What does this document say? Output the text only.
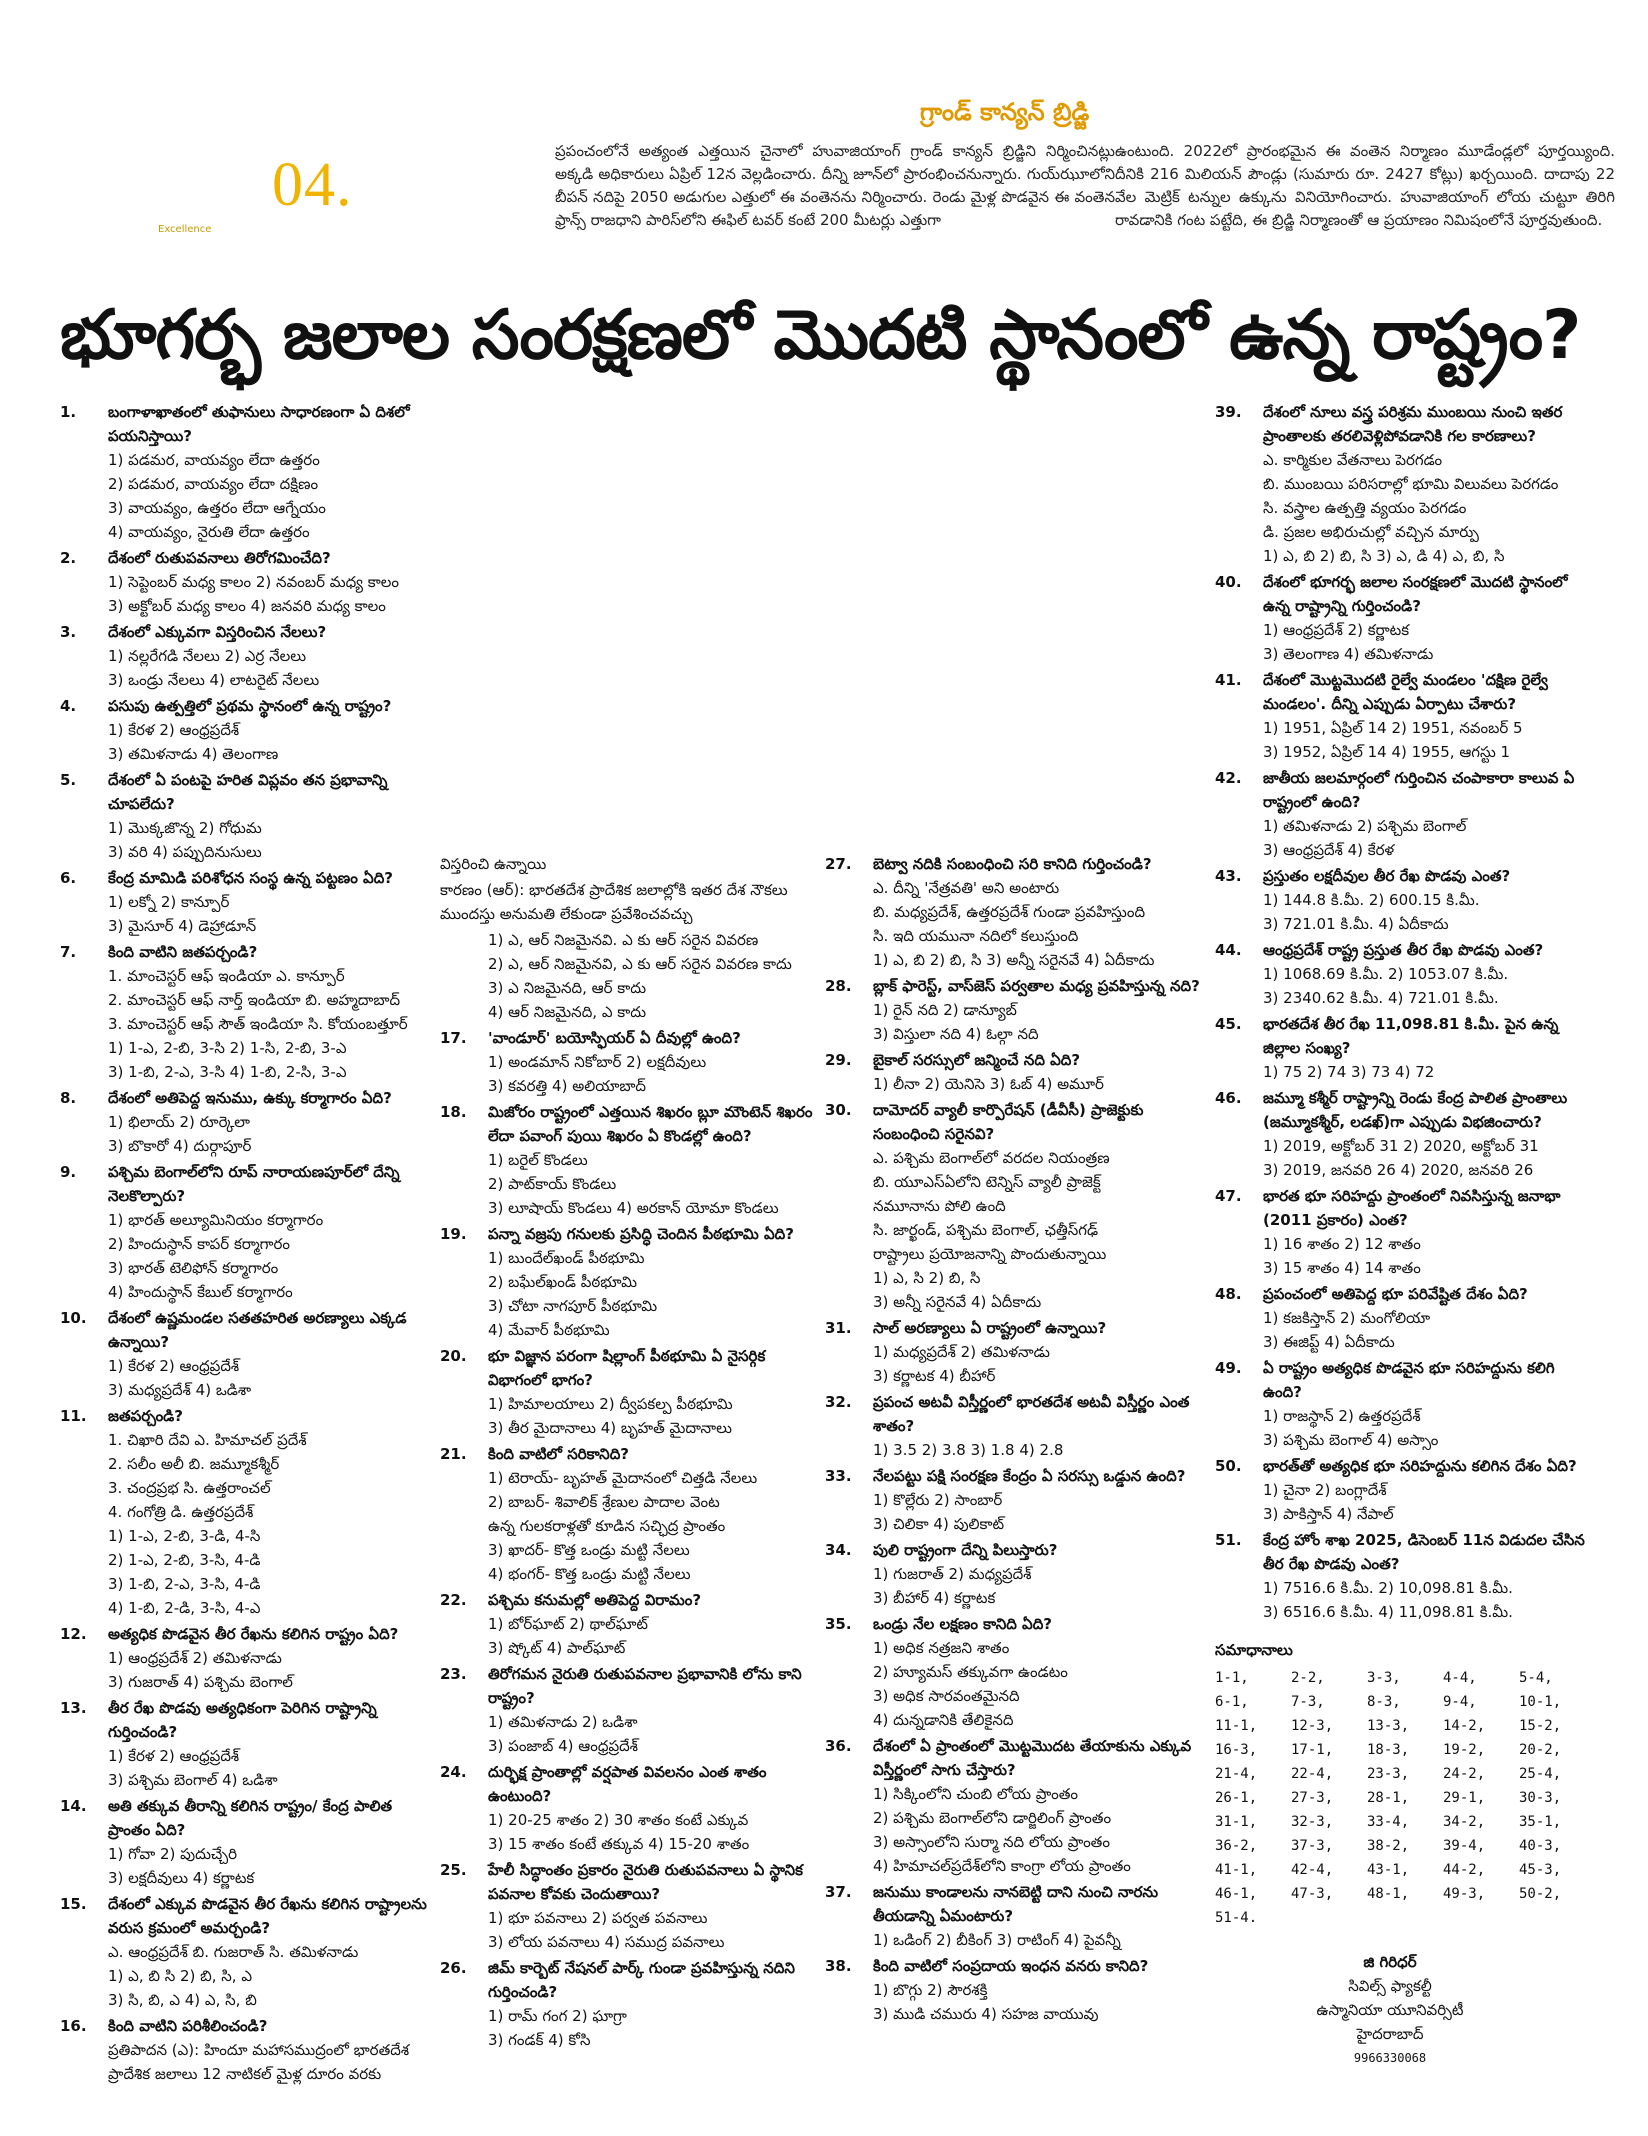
04.
Excellence
గ్రాండ్ కాన్యన్ బ్రిడ్జి
ప్రపంచంలోనే అత్యంత ఎత్తయిన చైనాలో హువాజియాంగ్ గ్రాండ్ కాన్యన్ బ్రిడ్జిని నిర్మించినట్లు అక్కడి అధికారులు ఏప్రిల్ 12న వెల్లడించారు. దీన్ని జూన్‌లో ప్రారంభించనున్నారు. గుయ్‌ఝూలోని బీపన్ నదిపై 2050 అడుగుల ఎత్తులో ఈ వంతెనను నిర్మించారు. రెండు మైళ్ల పొడవైన ఈ వంతెన ఫ్రాన్స్ రాజధాని పారిస్‌లోని ఈఫిల్ టవర్ కంటే 200 మీటర్లు ఎత్తుగా
ఉంటుంది. 2022లో ప్రారంభమైన ఈ వంతెన నిర్మాణం మూడేండ్లలో పూర్తయ్యింది. దీనికి 216 మిలియన్ పౌండ్లు (సుమారు రూ. 2427 కోట్లు) ఖర్చయింది. దాదాపు 22 వేల మెట్రిక్ టన్నుల ఉక్కును వినియోగించారు. హువాజియాంగ్ లోయ చుట్టూ తిరిగి రావడానికి గంట పట్టేది, ఈ బ్రిడ్జి నిర్మాణంతో ఆ ప్రయాణం నిమిషంలోనే పూర్తవుతుంది.
భూగర్భ జలాల సంరక్షణలో మొదటి స్థానంలో ఉన్న రాష్ట్రం?
1.	బంగాళాఖాతంలో తుఫానులు సాధారణంగా ఏ దిశలో పయనిస్తాయి?
1) పడమర, వాయవ్యం లేదా ఉత్తరం
2) పడమర, వాయవ్యం లేదా దక్షిణం
3) వాయవ్యం, ఉత్తరం లేదా ఆగ్నేయం
4) వాయవ్యం, నైరుతి లేదా ఉత్తరం
2.	దేశంలో రుతుపవనాలు తిరోగమించేది?
1) సెప్టెంబర్ మధ్య కాలం 2) నవంబర్ మధ్య కాలం
3) అక్టోబర్ మధ్య కాలం 4) జనవరి మధ్య కాలం
3.	దేశంలో ఎక్కువగా విస్తరించిన నేలలు?
1) నల్లరేగడి నేలలు 2) ఎర్ర నేలలు
3) ఒండ్రు నేలలు 4) లాటరైట్ నేలలు
4.	పసుపు ఉత్పత్తిలో ప్రథమ స్థానంలో ఉన్న రాష్ట్రం?
1) కేరళ 2) ఆంధ్రప్రదేశ్
3) తమిళనాడు 4) తెలంగాణ
5.	దేశంలో ఏ పంటపై హరిత విప్లవం తన ప్రభావాన్ని చూపలేదు?
1) మొక్కజొన్న 2) గోధుమ
3) వరి 4) పప్పుదినుసులు
6.	కేంద్ర మామిడి పరిశోధన సంస్థ ఉన్న పట్టణం ఏది?
1) లక్నో 2) కాన్పూర్
3) మైసూర్ 4) డెహ్రాడూన్
7.	కింది వాటిని జతపర్చండి?
1. మాంచెస్టర్ ఆఫ్ ఇండియా ఎ. కాన్పూర్
2. మాంచెస్టర్ ఆఫ్ నార్త్ ఇండియా బి. అహ్మదాబాద్
3. మాంచెస్టర్ ఆఫ్ సౌత్ ఇండియా సి. కోయంబత్తూర్
1) 1-ఎ, 2-బి, 3-సి 2) 1-సి, 2-బి, 3-ఎ
3) 1-బి, 2-ఎ, 3-సి 4) 1-బి, 2-సి, 3-ఎ
8.	దేశంలో అతిపెద్ద ఇనుము, ఉక్కు కర్మాగారం ఏది?
1) భిలాయ్ 2) రూర్కెలా
3) బొకారో 4) దుర్గాపూర్
9.	పశ్చిమ బెంగాల్‌లోని రూప్ నారాయణపూర్‌లో దేన్ని నెలకొల్పారు?
1) భారత్ అల్యూమినియం కర్మాగారం
2) హిందుస్థాన్ కాపర్ కర్మాగారం
3) భారత్ టెలిఫోన్ కర్మాగారం
4) హిందుస్థాన్ కేబుల్ కర్మాగారం
10.	దేశంలో ఉష్ణమండల సతతహరిత అరణ్యాలు ఎక్కడ ఉన్నాయి?
1) కేరళ 2) ఆంధ్రప్రదేశ్
3) మధ్యప్రదేశ్ 4) ఒడిశా
11.	జతపర్చండి?
1. చిఖారి దేవి ఎ. హిమాచల్ ప్రదేశ్
2. సలీం అలీ బి. జమ్మూకశ్మీర్
3. చంద్రప్రభ సి. ఉత్తరాంచల్
4. గంగోత్రి డి. ఉత్తరప్రదేశ్
1) 1-ఎ, 2-బి, 3-డి, 4-సి
2) 1-ఎ, 2-బి, 3-సి, 4-డి
3) 1-బి, 2-ఎ, 3-సి, 4-డి
4) 1-బి, 2-డి, 3-సి, 4-ఎ
12.	అత్యధిక పొడవైన తీర రేఖను కలిగిన రాష్ట్రం ఏది?
1) ఆంధ్రప్రదేశ్ 2) తమిళనాడు
3) గుజరాత్ 4) పశ్చిమ బెంగాల్
13.	తీర రేఖ పొడవు అత్యధికంగా పెరిగిన రాష్ట్రాన్ని గుర్తించండి?
1) కేరళ 2) ఆంధ్రప్రదేశ్
3) పశ్చిమ బెంగాల్ 4) ఒడిశా
14.	అతి తక్కువ తీరాన్ని కలిగిన రాష్ట్రం/ కేంద్ర పాలిత ప్రాంతం ఏది?
1) గోవా 2) పుదుచ్చేరి
3) లక్షదీవులు 4) కర్ణాటక
15.	దేశంలో ఎక్కువ పొడవైన తీర రేఖను కలిగిన రాష్ట్రాలను వరుస క్రమంలో అమర్చండి?
ఎ. ఆంధ్రప్రదేశ్ బి. గుజరాత్ సి. తమిళనాడు
1) ఎ, బి సి 2) బి, సి, ఎ
3) సి, బి, ఎ 4) ఎ, సి, బి
16.	కింది వాటిని పరిశీలించండి?
ప్రతిపాదన (ఎ): హిందూ మహాసముద్రంలో భారతదేశ
ప్రాదేశిక జలాలు 12 నాటికల్ మైళ్ల దూరం వరకు
విస్తరించి ఉన్నాయి
కారణం (ఆర్): భారతదేశ ప్రాదేశిక జలాల్లోకి ఇతర దేశ నౌకలు ముందస్తు అనుమతి లేకుండా ప్రవేశించవచ్చు
1) ఎ, ఆర్ నిజమైనవి. ఎ కు ఆర్ సరైన వివరణ
2) ఎ, ఆర్ నిజమైనవి, ఎ కు ఆర్ సరైన వివరణ కాదు
3) ఎ నిజమైనది, ఆర్ కాదు
4) ఆర్ నిజమైనది, ఎ కాదు
17.	'వాండూర్' బయోస్ఫియర్ ఏ దీవుల్లో ఉంది?
1) అండమాన్ నికోబార్ 2) లక్షదీవులు
3) కవరత్తి 4) అలియాబాద్
18.	మిజోరం రాష్ట్రంలో ఎత్తయిన శిఖరం బ్లూ మౌంటెన్ శిఖరం లేదా పవాంగ్ పుయి శిఖరం ఏ కొండల్లో ఉంది?
1) బరైల్ కొండలు
2) పాట్‌కాయ్ కొండలు
3) లూషాయ్ కొండలు 4) అరకాన్ యోమా కొండలు
19.	పన్నా వజ్రపు గనులకు ప్రసిద్ధి చెందిన పీఠభూమి ఏది?
1) బుందేల్‌ఖండ్ పీఠభూమి
2) బఘేల్‌ఖండ్ పీఠభూమి
3) చోటా నాగపూర్ పీఠభూమి
4) మేవార్ పీఠభూమి
20.	భూ విజ్ఞాన పరంగా షిల్లాంగ్ పీఠభూమి ఏ నైసర్గిక విభాగంలో భాగం?
1) హిమాలయాలు 2) ద్వీపకల్ప పీఠభూమి
3) తీర మైదానాలు 4) బృహత్ మైదానాలు
21.	కింది వాటిలో సరికానిది?
1) టెరాయ్- బృహత్ మైదానంలో చిత్తడి నేలలు
2) బాబర్- శివాలిక్ శ్రేణుల పాదాల వెంట
ఉన్న గులకరాళ్లతో కూడిన సచ్ఛిద్ర ప్రాంతం
3) ఖాదర్- కొత్త ఒండ్రు మట్టి నేలలు
4) భంగర్- కొత్త ఒండ్రు మట్టి నేలలు
22.	పశ్చిమ కనుమల్లో అతిపెద్ద విరామం?
1) బోర్‌ఘాట్ 2) థాల్‌ఘాట్
3) ష్కోట్ 4) పాల్‌ఘాట్
23.	తిరోగమన నైరుతి రుతుపవనాల ప్రభావానికి లోను కాని రాష్ట్రం?
1) తమిళనాడు 2) ఒడిశా
3) పంజాబ్ 4) ఆంధ్రప్రదేశ్
24.	దుర్భిక్ష ప్రాంతాల్లో వర్షపాత వివలనం ఎంత శాతం ఉంటుంది?
1) 20-25 శాతం 2) 30 శాతం కంటే ఎక్కువ
3) 15 శాతం కంటే తక్కువ 4) 15-20 శాతం
25.	హేలీ సిద్ధాంతం ప్రకారం నైరుతి రుతుపవనాలు ఏ స్థానిక పవనాల కోవకు చెందుతాయి?
1) భూ పవనాలు 2) పర్వత పవనాలు
3) లోయ పవనాలు 4) సముద్ర పవనాలు
26.	జిమ్ కార్బెట్ నేషనల్ పార్క్ గుండా ప్రవహిస్తున్న నదిని గుర్తించండి?
1) రామ్ గంగ 2) ఘాగ్రా
3) గండక్ 4) కోసి
27.	బెట్వా నదికి సంబంధించి సరి కానిది గుర్తించండి?
ఎ. దీన్ని 'నేత్రవతి' అని అంటారు
బి. మధ్యప్రదేశ్, ఉత్తరప్రదేశ్ గుండా ప్రవహిస్తుంది
సి. ఇది యమునా నదిలో కలుస్తుంది
1) ఎ, బి 2) బి, సి 3) అన్నీ సరైనవే 4) ఏదీకాదు
28.	బ్లాక్ ఫారెస్ట్, వాస్‌జెస్ పర్వతాల మధ్య ప్రవహిస్తున్న నది?
1) రైన్ నది 2) డాన్యూబ్
3) విస్తులా నది 4) ఓల్గా నది
29.	బైకాల్ సరస్సులో జన్మించే నది ఏది?
1) లీనా 2) యెనిసె 3) ఓబ్ 4) అమూర్
30.	దామోదర్ వ్యాలీ కార్పొరేషన్ (డీవీసీ) ప్రాజెక్టుకు సంబంధించి సరైనవి?
ఎ. పశ్చిమ బెంగాల్‌లో వరదల నియంత్రణ
బి. యూఎస్ఏలోని టెన్నిస్ వ్యాలీ ప్రాజెక్ట్
నమూనాను పోలి ఉంది
సి. జార్ఖండ్, పశ్చిమ బెంగాల్, ఛత్తీస్‌గఢ్
రాష్ట్రాలు ప్రయోజనాన్ని పొందుతున్నాయి
1) ఎ, సి 2) బి, సి
3) అన్నీ సరైనవే 4) ఏదీకాదు
31.	సాల్ అరణ్యాలు ఏ రాష్ట్రంలో ఉన్నాయి?
1) మధ్యప్రదేశ్ 2) తమిళనాడు
3) కర్ణాటక 4) బీహార్
32.	ప్రపంచ అటవీ విస్తీర్ణంలో భారతదేశ అటవీ విస్తీర్ణం ఎంత శాతం?
1) 3.5 2) 3.8 3) 1.8 4) 2.8
33.	నేలపట్టు పక్షి సంరక్షణ కేంద్రం ఏ సరస్సు ఒడ్డున ఉంది?
1) కొల్లేరు 2) సాంబార్
3) చిలికా 4) పులికాట్
34.	పులి రాష్ట్రంగా దేన్ని పిలుస్తారు?
1) గుజరాత్ 2) మధ్యప్రదేశ్
3) బీహార్ 4) కర్ణాటక
35.	ఒండ్రు నేల లక్షణం కానిది ఏది?
1) అధిక నత్రజని శాతం
2) హ్యూమస్ తక్కువగా ఉండటం
3) అధిక సారవంతమైనది
4) దున్నడానికి తేలికైనది
36.	దేశంలో ఏ ప్రాంతంలో మొట్టమొదట తేయాకును ఎక్కువ విస్తీర్ణంలో సాగు చేస్తారు?
1) సిక్కింలోని చుంబి లోయ ప్రాంతం
2) పశ్చిమ బెంగాల్‌లోని డార్జిలింగ్ ప్రాంతం
3) అస్సాంలోని సుర్మా నది లోయ ప్రాంతం
4) హిమాచల్‌ప్రదేశ్‌లోని కాంగ్రా లోయ ప్రాంతం
37.	జనుము కాండాలను నానబెట్టి దాని నుంచి నారను తీయడాన్ని ఏమంటారు?
1) ఒడింగ్ 2) బీకింగ్ 3) రాటింగ్ 4) పైవన్నీ
38.	కింది వాటిలో సంప్రదాయ ఇంధన వనరు కానిది?
1) బొగ్గు 2) సౌరశక్తి
3) ముడి చమురు 4) సహజ వాయువు
39.	దేశంలో నూలు వస్త్ర పరిశ్రమ ముంబయి నుంచి ఇతర ప్రాంతాలకు తరలివెళ్లిపోవడానికి గల కారణాలు?
ఎ. కార్మికుల వేతనాలు పెరగడం
బి. ముంబయి పరిసరాల్లో భూమి విలువలు పెరగడం
సి. వస్త్రాల ఉత్పత్తి వ్యయం పెరగడం
డి. ప్రజల అభిరుచుల్లో వచ్చిన మార్పు
1) ఎ, బి 2) బి, సి 3) ఎ, డి 4) ఎ, బి, సి
40.	దేశంలో భూగర్భ జలాల సంరక్షణలో మొదటి స్థానంలో ఉన్న రాష్ట్రాన్ని గుర్తించండి?
1) ఆంధ్రప్రదేశ్ 2) కర్ణాటక
3) తెలంగాణ 4) తమిళనాడు
41.	దేశంలో మొట్టమొదటి రైల్వే మండలం 'దక్షిణ రైల్వే మండలం'. దీన్ని ఎప్పుడు ఏర్పాటు చేశారు?
1) 1951, ఏప్రిల్ 14 2) 1951, నవంబర్ 5
3) 1952, ఏప్రిల్ 14 4) 1955, ఆగస్టు 1
42.	జాతీయ జలమార్గంలో గుర్తించిన చంపాకారా కాలువ ఏ రాష్ట్రంలో ఉంది?
1) తమిళనాడు 2) పశ్చిమ బెంగాల్
3) ఆంధ్రప్రదేశ్ 4) కేరళ
43.	ప్రస్తుతం లక్షదీవుల తీర రేఖ పొడవు ఎంత?
1) 144.8 కి.మీ. 2) 600.15 కి.మీ.
3) 721.01 కి.మీ. 4) ఏదీకాదు
44.	ఆంధ్రప్రదేశ్ రాష్ట్ర ప్రస్తుత తీర రేఖ పొడవు ఎంత?
1) 1068.69 కి.మీ. 2) 1053.07 కి.మీ.
3) 2340.62 కి.మీ. 4) 721.01 కి.మీ.
45.	భారతదేశ తీర రేఖ 11,098.81 కి.మీ. పైన ఉన్న జిల్లాల సంఖ్య?
1) 75 2) 74 3) 73 4) 72
46.	జమ్మూ కశ్మీర్ రాష్ట్రాన్ని రెండు కేంద్ర పాలిత ప్రాంతాలు (జమ్మూకశ్మీర్, లడఖ్)గా ఎప్పుడు విభజించారు?
1) 2019, అక్టోబర్ 31 2) 2020, అక్టోబర్ 31
3) 2019, జనవరి 26 4) 2020, జనవరి 26
47.	భారత భూ సరిహద్దు ప్రాంతంలో నివసిస్తున్న జనాభా (2011 ప్రకారం) ఎంత?
1) 16 శాతం 2) 12 శాతం
3) 15 శాతం 4) 14 శాతం
48.	ప్రపంచంలో అతిపెద్ద భూ పరివేష్టిత దేశం ఏది?
1) కజకిస్తాన్ 2) మంగోలియా
3) ఈజిప్ట్ 4) ఏదీకాదు
49.	ఏ రాష్ట్రం అత్యధిక పొడవైన భూ సరిహద్దును కలిగి ఉంది?
1) రాజస్థాన్ 2) ఉత్తరప్రదేశ్
3) పశ్చిమ బెంగాల్ 4) అస్సాం
50.	భారత్‌తో అత్యధిక భూ సరిహద్దును కలిగిన దేశం ఏది?
1) చైనా 2) బంగ్లాదేశ్
3) పాకిస్తాన్ 4) నేపాల్
51.	కేంద్ర హోం శాఖ 2025, డిసెంబర్ 11న విడుదల చేసిన తీర రేఖ పొడవు ఎంత?
1) 7516.6 కి.మీ. 2) 10,098.81 కి.మీ.
3) 6516.6 కి.మీ. 4) 11,098.81 కి.మీ.
సమాధానాలు
1-1,	2-2,	3-3,	4-4,	5-4,
6-1,	7-3,	8-3,	9-4,	10-1,
11-1,	12-3,	13-3,	14-2,	15-2,
16-3,	17-1,	18-3,	19-2,	20-2,
21-4,	22-4,	23-3,	24-2,	25-4,
26-1,	27-3,	28-1,	29-1,	30-3,
31-1,	32-3,	33-4,	34-2,	35-1,
36-2,	37-3,	38-2,	39-4,	40-3,
41-1,	42-4,	43-1,	44-2,	45-3,
46-1,	47-3,	48-1,	49-3,	50-2,
51-4.
జి గిరిధర్
సివిల్స్ ఫ్యాకల్టీ
ఉస్మానియా యూనివర్సిటీ
హైదరాబాద్
9966330068
